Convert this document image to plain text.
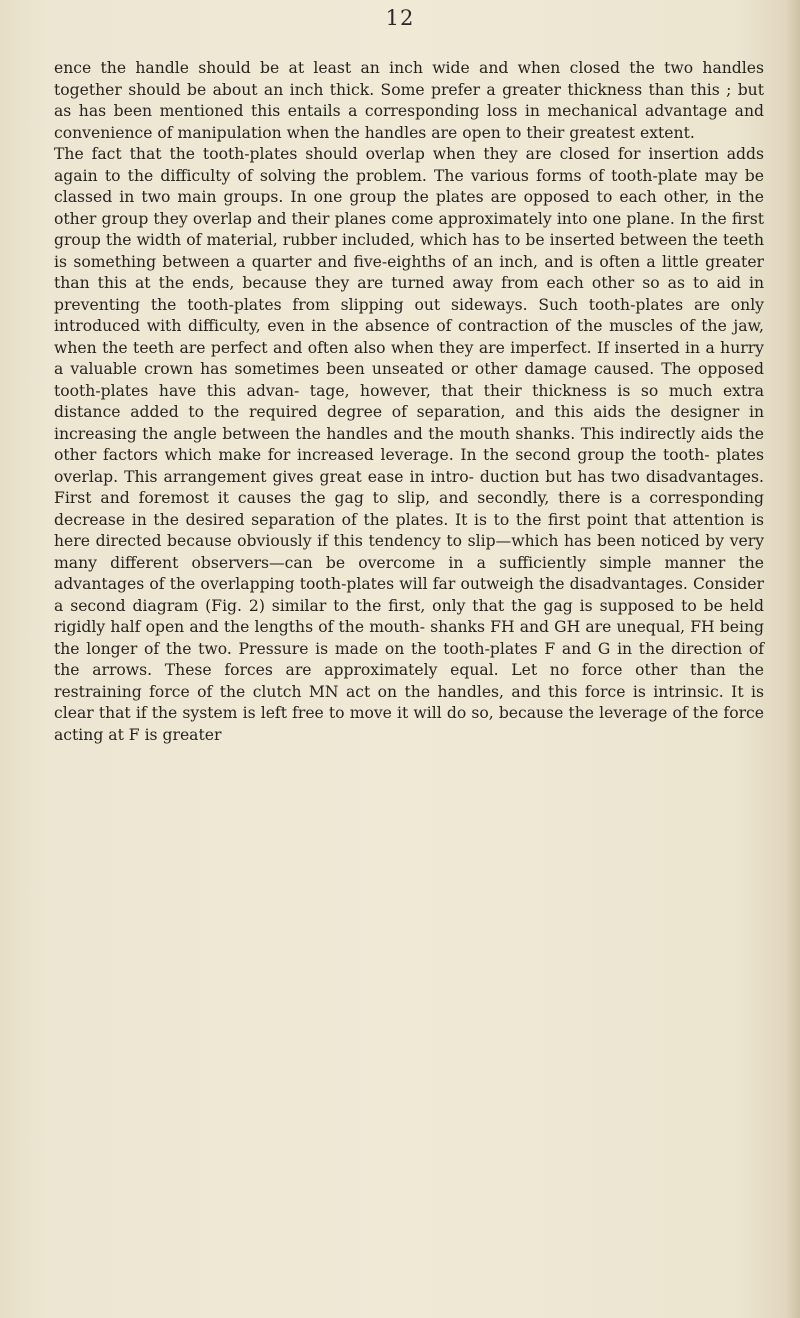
12
ence the handle should be at least an inch wide and when closed the two handles together should be about an inch thick. Some prefer a greater thickness than this ; but as has been mentioned this entails a corresponding loss in mechanical advantage and convenience of manipulation when the handles are open to their greatest extent.
The fact that the tooth-plates should overlap when they are closed for insertion adds again to the difficulty of solving the problem. The various forms of tooth-plate may be classed in two main groups. In one group the plates are opposed to each other, in the other group they overlap and their planes come approximately into one plane. In the first group the width of material, rubber included, which has to be inserted between the teeth is something between a quarter and five-eighths of an inch, and is often a little greater than this at the ends, because they are turned away from each other so as to aid in preventing the tooth-plates from slipping out sideways. Such tooth-plates are only introduced with difficulty, even in the absence of contraction of the muscles of the jaw, when the teeth are perfect and often also when they are imperfect. If inserted in a hurry a valuable crown has sometimes been unseated or other damage caused. The opposed tooth-plates have this advan- tage, however, that their thickness is so much extra distance added to the required degree of separation, and this aids the designer in increasing the angle between the handles and the mouth shanks. This indirectly aids the other factors which make for increased leverage. In the second group the tooth- plates overlap. This arrangement gives great ease in intro- duction but has two disadvantages. First and foremost it causes the gag to slip, and secondly, there is a corresponding decrease in the desired separation of the plates. It is to the first point that attention is here directed because obviously if this tendency to slip—which has been noticed by very many different observers—can be overcome in a sufficiently simple manner the advantages of the overlapping tooth-plates will far outweigh the disadvantages. Consider a second diagram (Fig. 2) similar to the first, only that the gag is supposed to be held rigidly half open and the lengths of the mouth- shanks FH and GH are unequal, FH being the longer of the two. Pressure is made on the tooth-plates F and G in the direction of the arrows. These forces are approximately equal. Let no force other than the restraining force of the clutch MN act on the handles, and this force is intrinsic. It is clear that if the system is left free to move it will do so, because the leverage of the force acting at F is greater
